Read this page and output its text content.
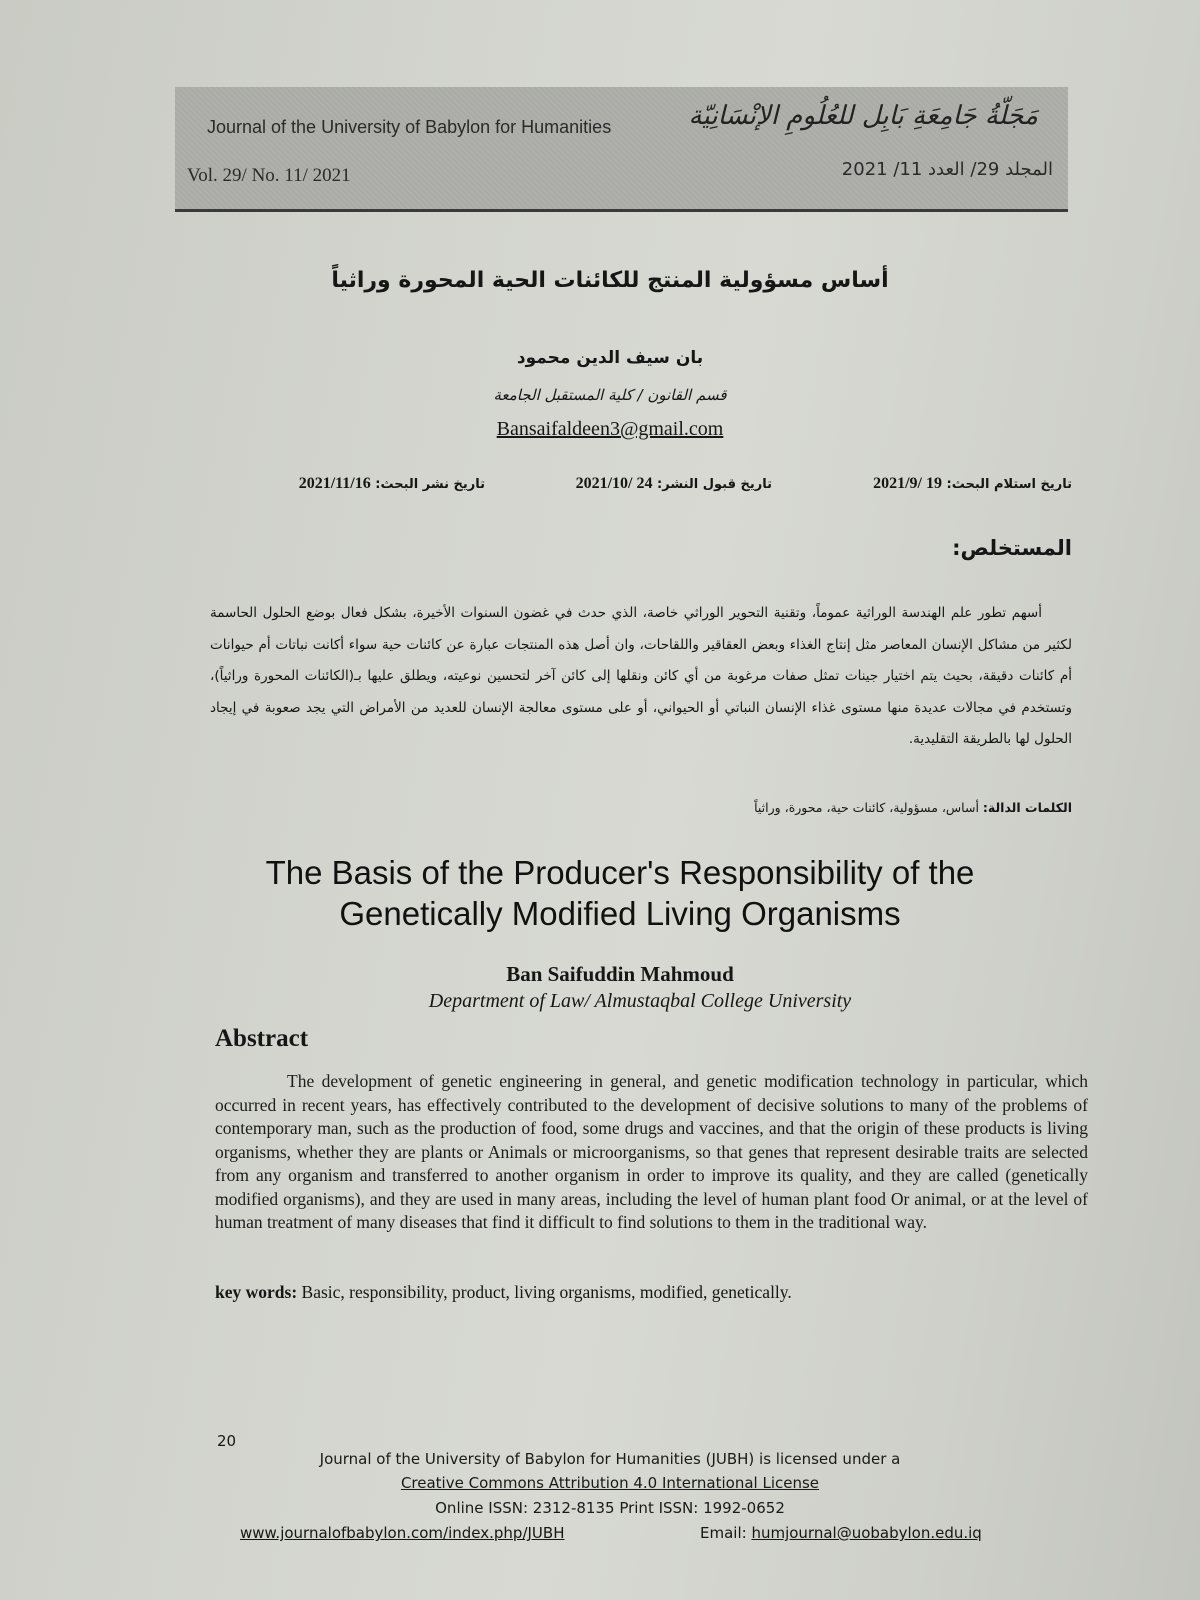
Journal of the University of Babylon for Humanities	مَجَلّةُ جَامِعَةِ بَابِل للعُلُومِ الإنْسَانِيّة
Vol. 29/ No. 11/ 2021	المجلد 29/ العدد 11/ 2021
أساس مسؤولية المنتج للكائنات الحية المحورة وراثياً
بان سيف الدين محمود
قسم القانون / كلية المستقبل الجامعة
Bansaifaldeen3@gmail.com
تاريخ استلام البحث: 19 /2021/9
تاريخ قبول النشر: 24 /2021/10
تاريخ نشر البحث: 2021/11/16
المستخلص:
أسهم تطور علم الهندسة الوراثية عموماً، وتقنية التحوير الوراثي خاصة، الذي حدث في غضون السنوات الأخيرة، بشكل فعال بوضع الحلول الحاسمة لكثير من مشاكل الإنسان المعاصر مثل إنتاج الغذاء وبعض العقاقير واللقاحات، وان أصل هذه المنتجات عبارة عن كائنات حية سواء أكانت نباتات أم حيوانات أم كائنات دقيقة، بحيث يتم اختيار جينات تمثل صفات مرغوبة من أي كائن ونقلها إلى كائن آخر لتحسين نوعيته، ويطلق عليها بـ(الكائنات المحورة وراثياً)، وتستخدم في مجالات عديدة منها مستوى غذاء الإنسان النباتي أو الحيواني، أو على مستوى معالجة الإنسان للعديد من الأمراض التي يجد صعوبة في إيجاد الحلول لها بالطريقة التقليدية.
الكلمات الدالة: أساس، مسؤولية، كائنات حية، محورة، وراثياً
The Basis of the Producer's Responsibility of the
Genetically Modified Living Organisms
Ban Saifuddin Mahmoud
Department of Law/ Almustaqbal College University
Abstract
The development of genetic engineering in general, and genetic modification technology in particular, which occurred in recent years, has effectively contributed to the development of decisive solutions to many of the problems of contemporary man, such as the production of food, some drugs and vaccines, and that the origin of these products is living organisms, whether they are plants or Animals or microorganisms, so that genes that represent desirable traits are selected from any organism and transferred to another organism in order to improve its quality, and they are called (genetically modified organisms), and they are used in many areas, including the level of human plant food Or animal, or at the level of human treatment of many diseases that find it difficult to find solutions to them in the traditional way.
key words: Basic, responsibility, product, living organisms, modified, genetically.
20
Journal of the University of Babylon for Humanities (JUBH) is licensed under a
Creative Commons Attribution 4.0 International License
Online ISSN: 2312-8135 Print ISSN: 1992-0652
www.journalofbabylon.com/index.php/JUBH	Email: humjournal@uobabylon.edu.iq
